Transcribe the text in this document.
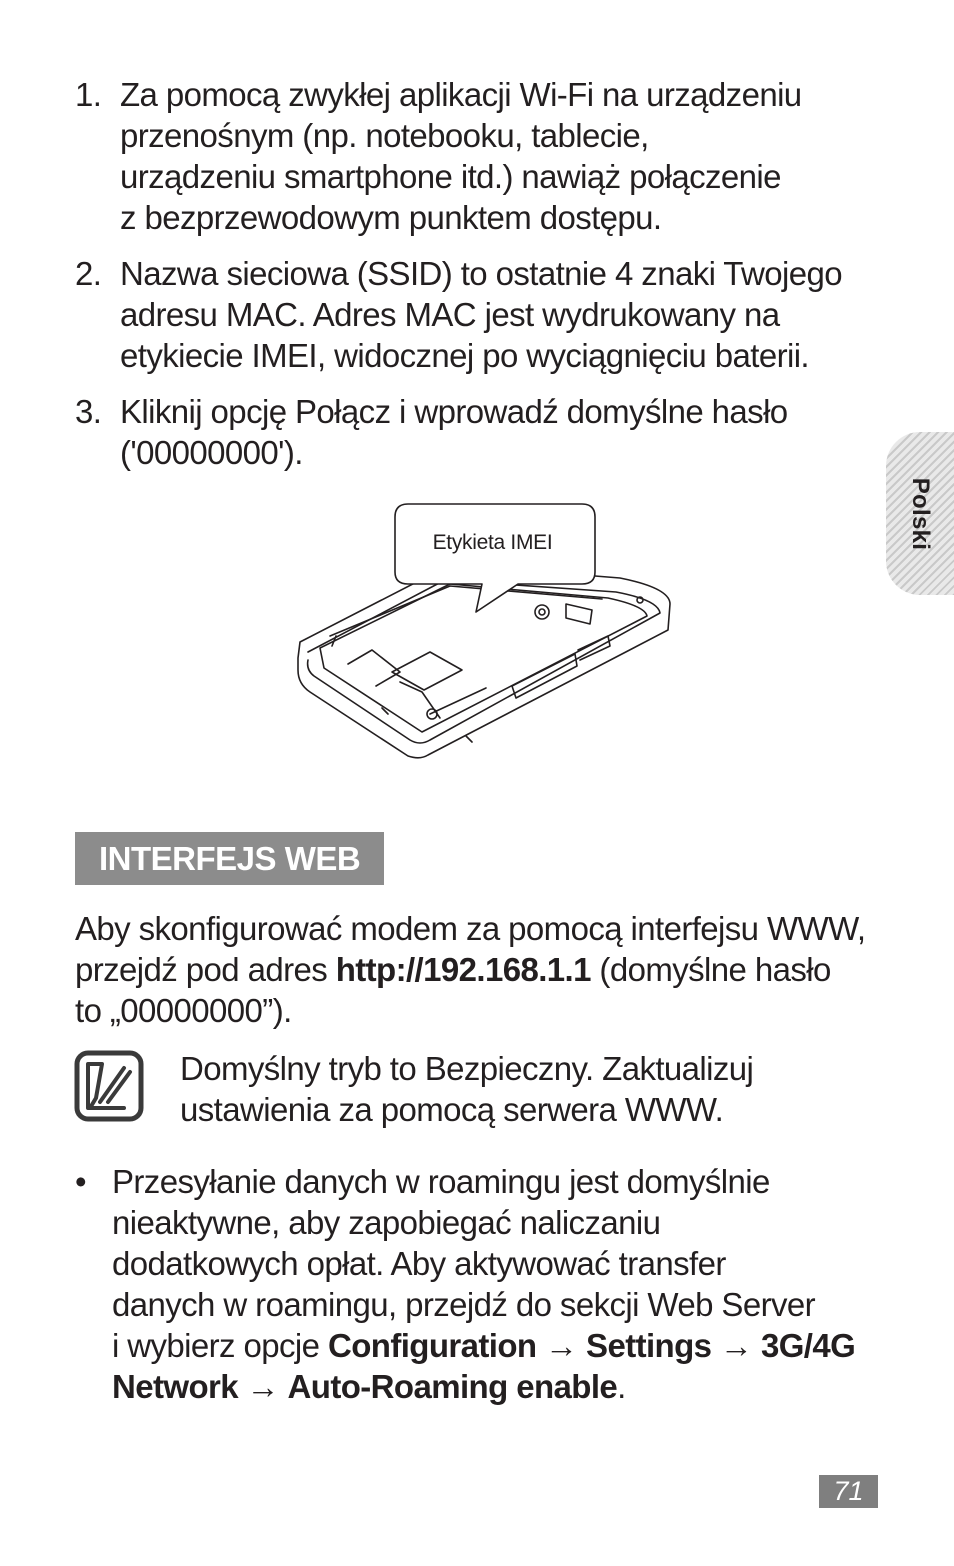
1. Za pomocą zwykłej aplikacji Wi-Fi na urządzeniu
przenośnym (np. notebooku, tablecie,
urządzeniu smartphone itd.) nawiąż połączenie
z bezprzewodowym punktem dostępu.
2. Nazwa sieciowa (SSID) to ostatnie 4 znaki Twojego
adresu MAC. Adres MAC jest wydrukowany na
etykiecie IMEI, widocznej po wyciągnięciu baterii.
3. Kliknij opcję Połącz i wprowadź domyślne hasło
('00000000').
Etykieta IMEI
INTERFEJS WEB

Aby skonfigurować modem za pomocą interfejsu WWW,
przejdź pod adres http://192.168.1.1 (domyślne hasło
to „00000000”).

Domyślny tryb to Bezpieczny. Zaktualizuj
ustawienia za pomocą serwera WWW.

• Przesyłanie danych w roamingu jest domyślnie
nieaktywne, aby zapobiegać naliczaniu
dodatkowych opłat. Aby aktywować transfer
danych w roamingu, przejdź do sekcji Web Server
i wybierz opcje Configuration → Settings → 3G/4G Network → Auto-Roaming enable.

Polski
71
